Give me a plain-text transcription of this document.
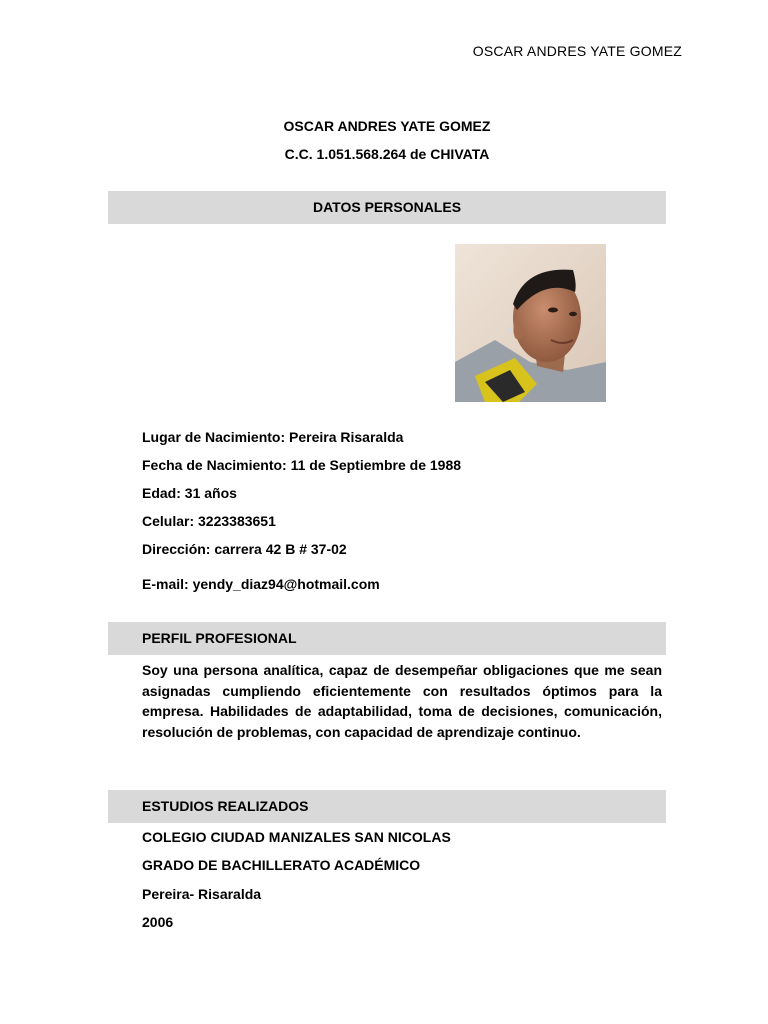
OSCAR ANDRES YATE GOMEZ
OSCAR ANDRES YATE GOMEZ
C.C. 1.051.568.264 de CHIVATA
DATOS PERSONALES
Lugar de Nacimiento: Pereira Risaralda
Fecha de Nacimiento: 11 de Septiembre de 1988
Edad: 31 años
Celular: 3223383651
Dirección: carrera 42 B # 37-02
E-mail: yendy_diaz94@hotmail.com
PERFIL PROFESIONAL
Soy una persona analítica, capaz de desempeñar obligaciones que me sean asignadas cumpliendo eficientemente con resultados óptimos para la empresa. Habilidades de adaptabilidad, toma de decisiones, comunicación, resolución de problemas, con capacidad de aprendizaje continuo.
ESTUDIOS REALIZADOS
COLEGIO CIUDAD MANIZALES SAN NICOLAS
GRADO DE BACHILLERATO ACADÉMICO
Pereira- Risaralda
2006
